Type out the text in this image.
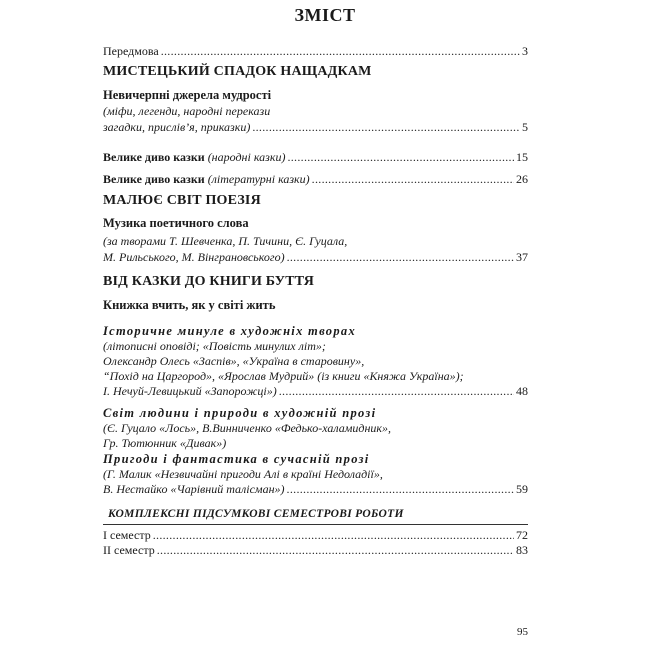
ЗМІСТ
Передмова .....	3
МИСТЕЦЬКИЙ СПАДОК НАЩАДКАМ
Невичерпні джерела мудрості
(міфи, легенди, народні перекази
загадки, прислів’я, приказки) .....	5
Велике диво казки (народні казки) .....	15
Велике диво казки (літературні казки) .....	26
МАЛЮЄ СВІТ ПОЕЗІЯ
Музика поетичного слова
(за творами Т. Шевченка, П. Тичини, Є. Гуцала,
М. Рильського, М. Вінграновського) .....	37
ВІД КАЗКИ ДО КНИГИ БУТТЯ
Книжка вчить, як у світі жить
Історичне минуле в художніх творах
(літописні оповіді; «Повість минулих літ»;
Олександр Олесь «Заспів», «Україна в старовину»,
“Похід на Царгород», «Ярослав Мудрий» (із книги «Княжа Україна»);
І. Нечуй-Левицький «Запорожці») .....	48
Світ людини і природи в художній прозі
(Є. Гуцало «Лось», В.Винниченко «Федько-халамидник»,
Гр. Тютюнник «Дивак»)
Пригоди і фантастика в сучасній прозі
(Г. Малик «Незвичайні пригоди Алі в країні Недоладії»,
В. Нестайко «Чарівний талісман») .....	59
КОМПЛЕКСНІ ПІДСУМКОВІ СЕМЕСТРОВІ РОБОТИ
І семестр .....	72
ІІ семестр .....	83
95
